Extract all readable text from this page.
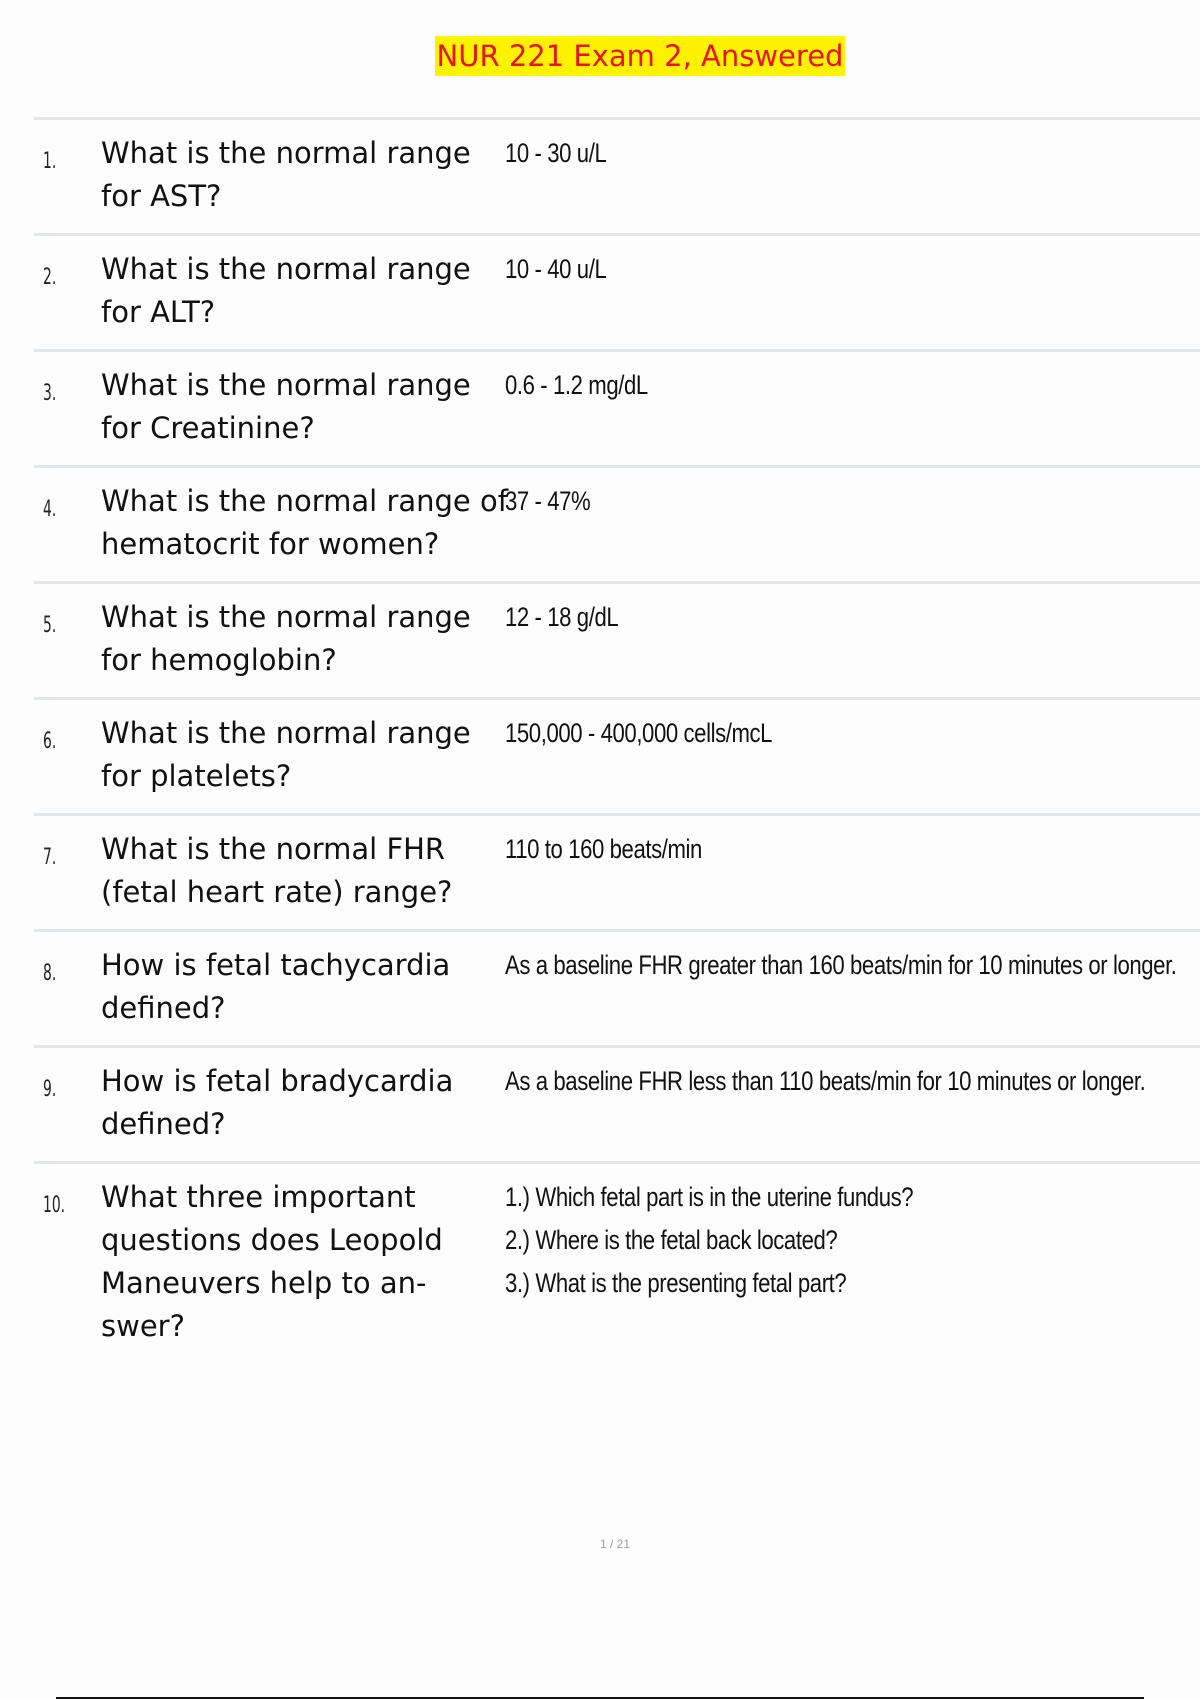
NUR 221 Exam 2, Answered
1. What is the normal range for AST?
10 - 30 u/L
2. What is the normal range for ALT?
10 - 40 u/L
3. What is the normal range for Creatinine?
0.6 - 1.2 mg/dL
4. What is the normal range of hematocrit for women?
37 - 47%
5. What is the normal range for hemoglobin?
12 - 18 g/dL
6. What is the normal range for platelets?
150,000 - 400,000 cells/mcL
7. What is the normal FHR (fetal heart rate) range?
110 to 160 beats/min
8. How is fetal tachycardia defined?
As a baseline FHR greater than 160 beats/min for 10 minutes or longer.
9. How is fetal bradycardia defined?
As a baseline FHR less than 110 beats/min for 10 minutes or longer.
10. What three important questions does Leopold Maneuvers help to an- swer?
1.) Which fetal part is in the uterine fundus?
2.) Where is the fetal back located?
3.) What is the presenting fetal part?
1 / 21
